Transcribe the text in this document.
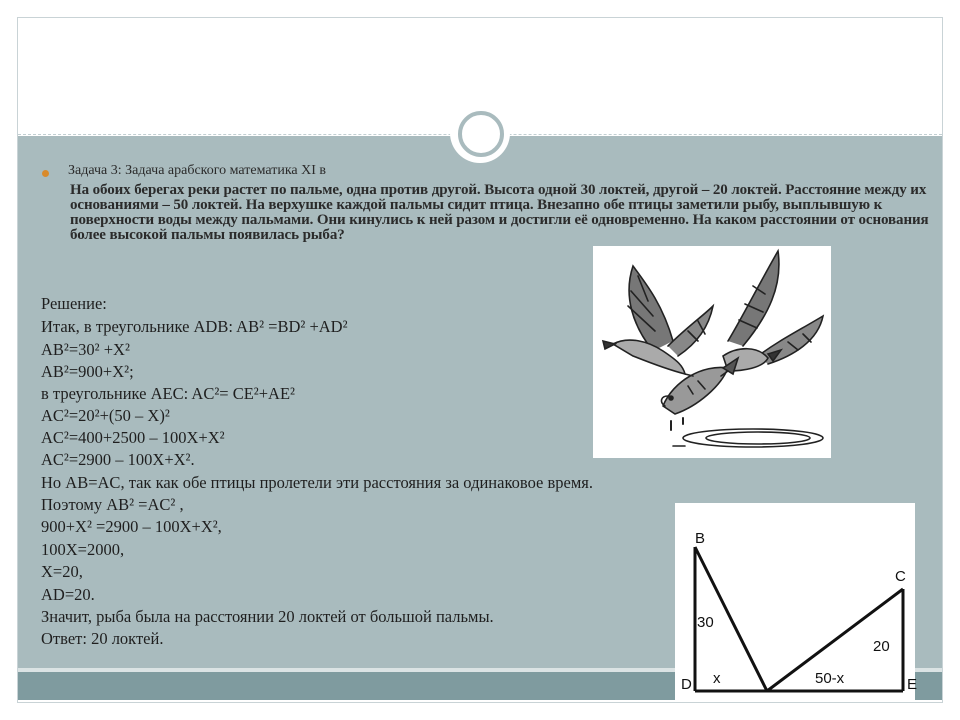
Задача 3: Задача арабского математика XI в
На обоих берегах реки растет по пальме, одна против другой. Высота одной 30 локтей, другой – 20 локтей. Расстояние между их основаниями – 50 локтей. На верхушке каждой пальмы сидит птица. Внезапно обе птицы заметили рыбу, выплывшую к поверхности воды между пальмами. Они кинулись к ней разом и достигли её одновременно. На каком расстоянии от основания более высокой пальмы появилась рыба?
Решение:
Итак, в треугольнике ADB: AB² =BD² +AD²
AB²=30² +X²
AB²=900+X²;
в треугольнике AEC: AC²= CE²+AE²
AC²=20²+(50 – X)²
AC²=400+2500 – 100X+X²
AC²=2900 – 100X+X².
Но AB=AC, так как обе птицы пролетели эти расстояния за одинаковое время.
Поэтому AB² =AC² ,
900+X² =2900 – 100X+X²,
100X=2000,
X=20,
AD=20.
Значит, рыба была на расстоянии 20 локтей от большой пальмы.
Ответ: 20 локтей.
B
C
D	E
30
20
x	50-x
